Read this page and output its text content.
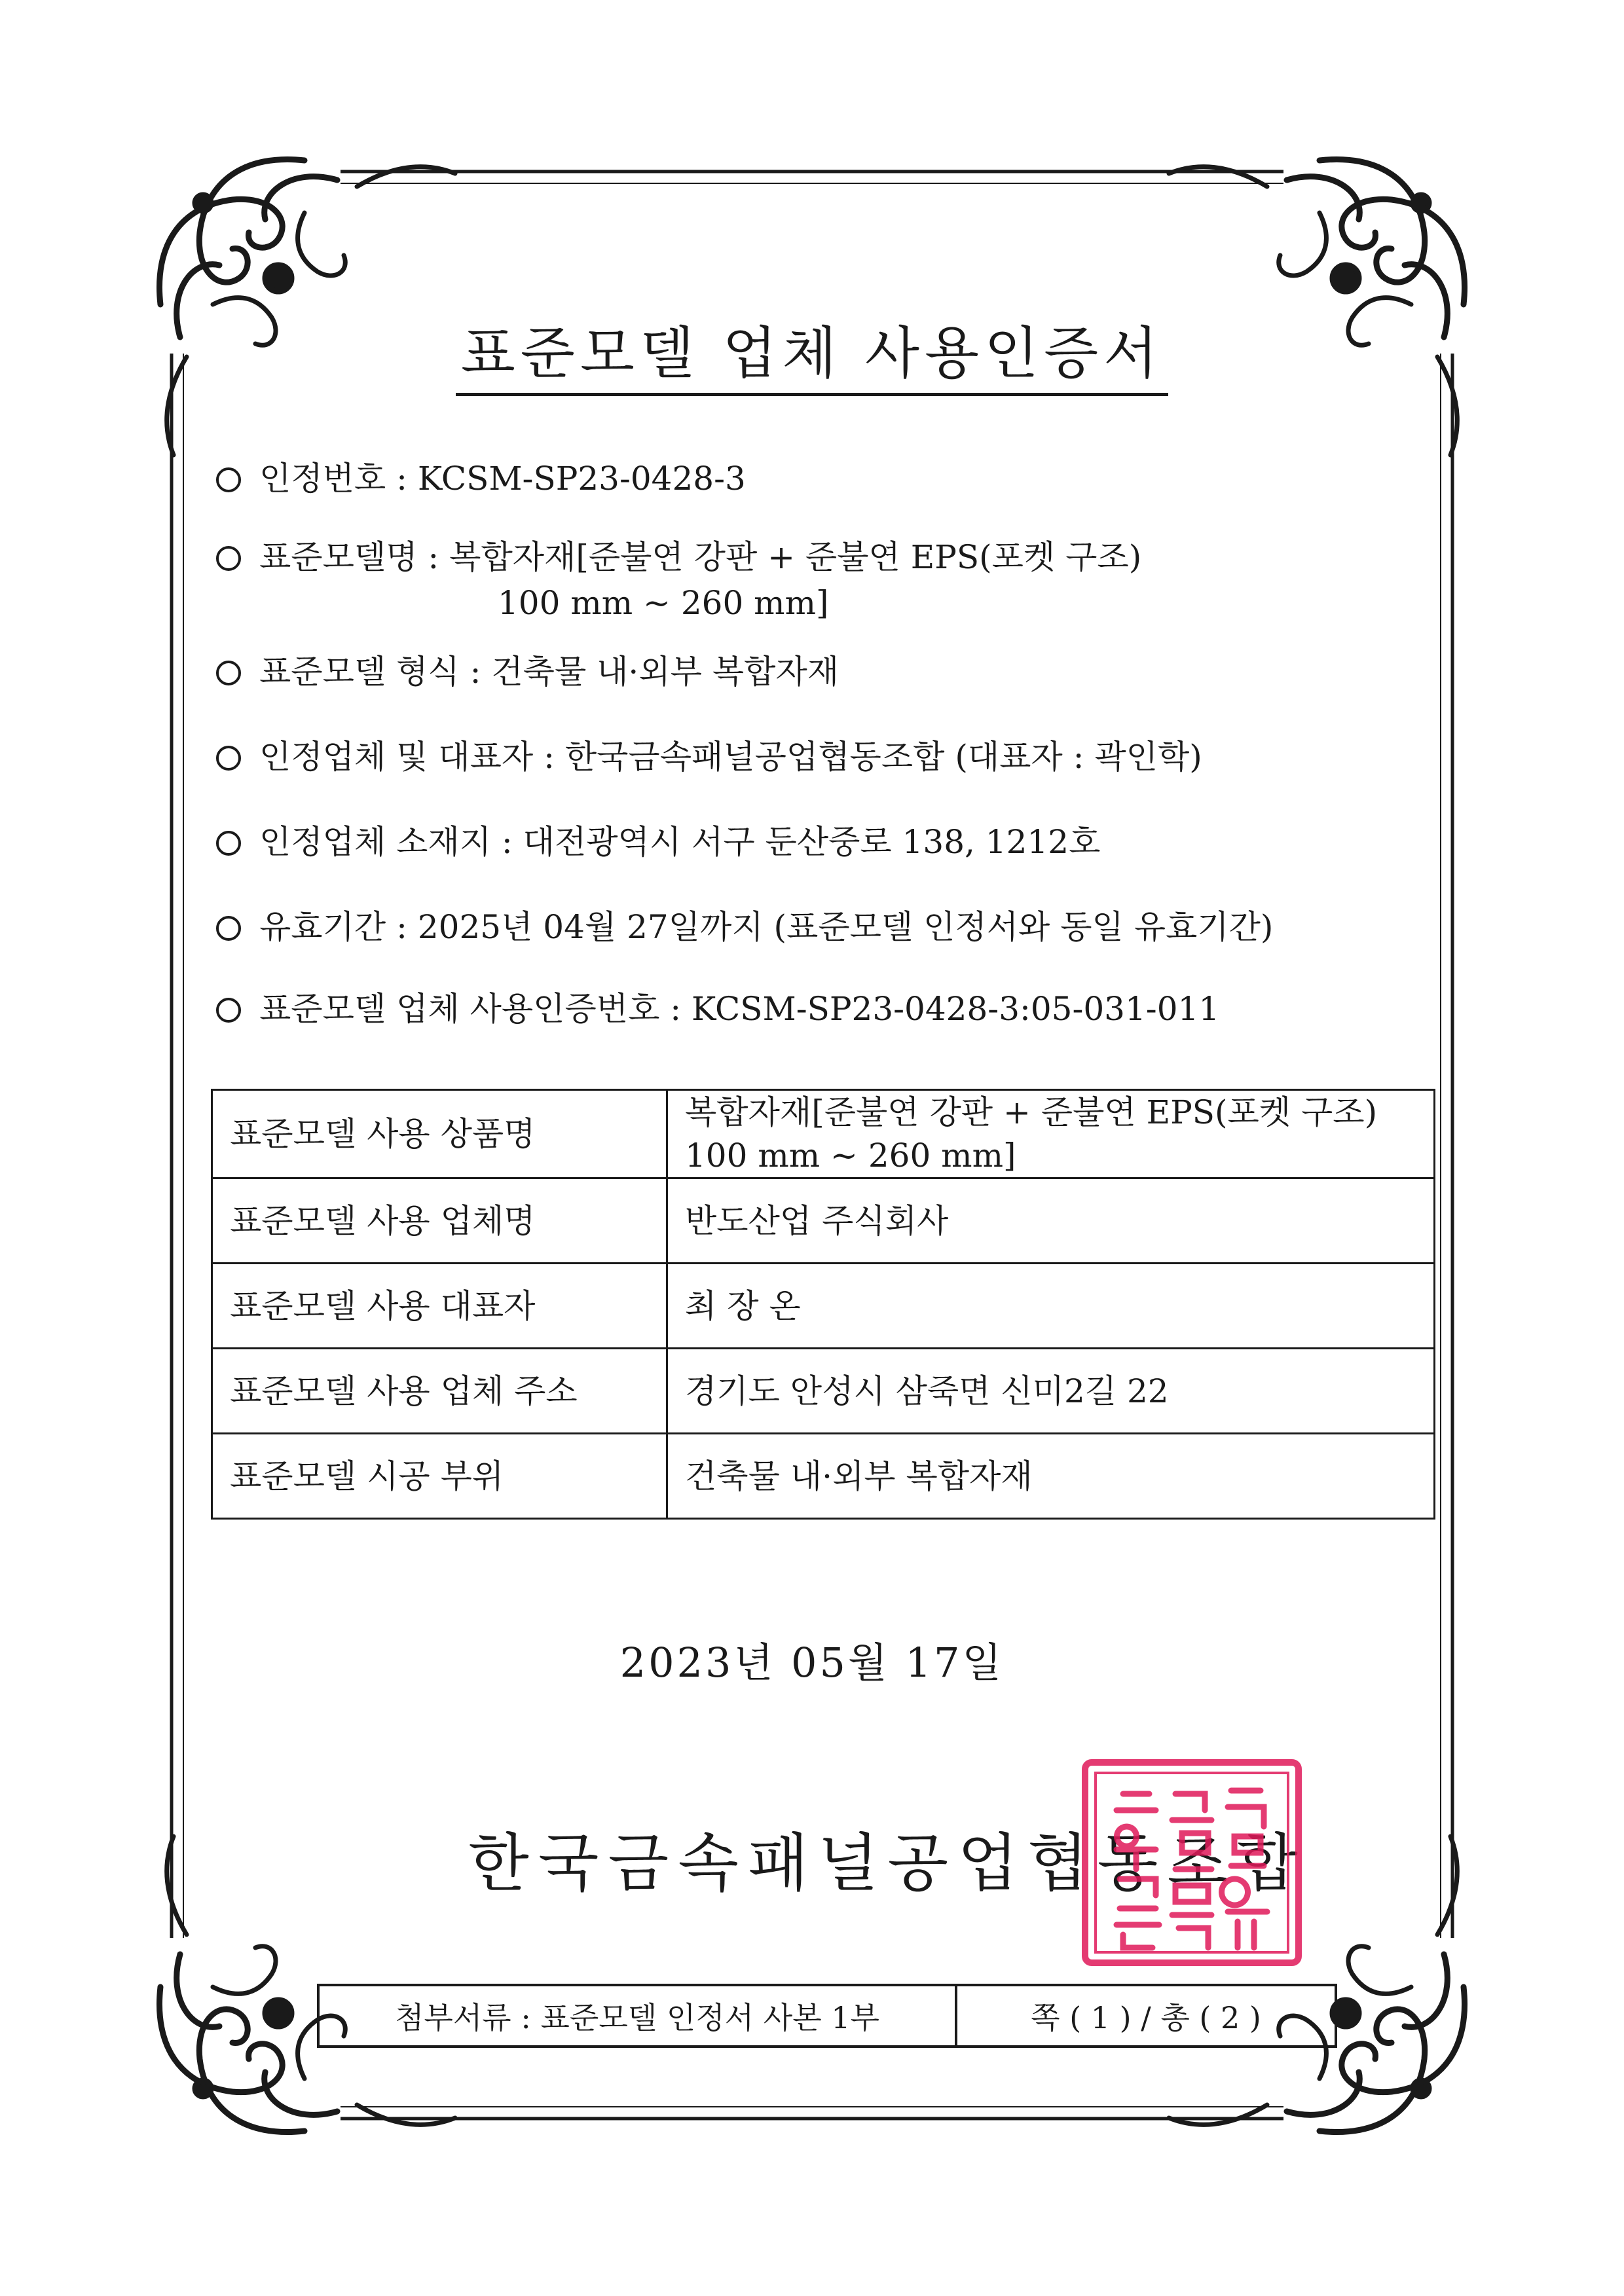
표준모델 업체 사용인증서
인정번호 : KCSM-SP23-0428-3
표준모델명 : 복합자재[준불연 강판 + 준불연 EPS(포켓 구조)
100 mm ~ 260 mm]
표준모델 형식 : 건축물 내·외부 복합자재
인정업체 및 대표자 : 한국금속패널공업협동조합 (대표자 : 곽인학)
인정업체 소재지 : 대전광역시 서구 둔산중로 138, 1212호
유효기간 : 2025년 04월 27일까지 (표준모델 인정서와 동일 유효기간)
표준모델 업체 사용인증번호 : KCSM-SP23-0428-3:05-031-011
표준모델 사용 상품명	복합자재[준불연 강판 + 준불연 EPS(포켓 구조) 100 mm ~ 260 mm]
표준모델 사용 업체명	반도산업 주식회사
표준모델 사용 대표자	최 장 온
표준모델 사용 업체 주소	경기도 안성시 삼죽면 신미2길 22
표준모델 시공 부위	건축물 내·외부 복합자재
2023년 05월 17일
한국금속패널공업협동조합
첨부서류 : 표준모델 인정서 사본 1부	쪽 ( 1 ) / 총 ( 2 )
